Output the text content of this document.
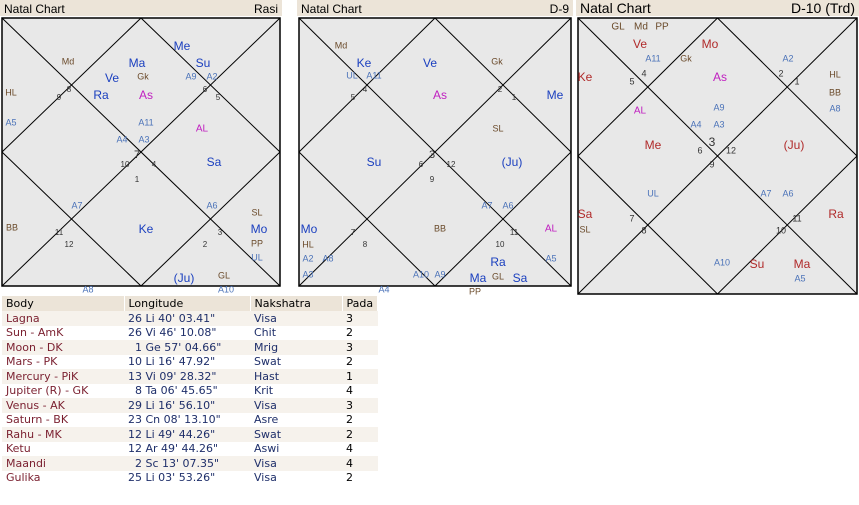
Natal Chart	Rasi
Md
Me
Ma	Su
Ve Gk	A9 A2
Ra	As
HL
A5	A11
AL
A4 A3
Sa
A7	A6
SL
BB	Ke	Mo
PP
UL
GL
(Ju)
A10
A8
8
9
6
5
7
10	4
1
11
12
3
2
Natal Chart	D-9
Md
Ke	Ve	Gk
UL A11
As	Me
SL
Su	(Ju)
A7 A6
BB	AL
Mo
HL
A2 A8	Ra	A5
A3	A10 A9 Ma GL Sa
A4	PP
4
5
2
1
3
6	12
9
7
8
11
10
Natal Chart	D-10 (Trd)
GL Md PP
Ve	Mo
A11 Gk	A2
Ke	As	HL
BB
A8
A9
AL
A4 A3
Me	(Ju)
UL	A7 A6
Sa	Ra
SL
A10 Su Ma
A5
4
5
2
1
3
6	12
9
7
8
11
10
Body	Longitude	Nakshatra	Pada
Lagna	26 Li 40' 03.41"	Visa	3
Sun - AmK	26 Vi 46' 10.08"	Chit	2
Moon - DK	1 Ge 57' 04.66"	Mrig	3
Mars - PK	10 Li 16' 47.92"	Swat	2
Mercury - PiK	13 Vi 09' 28.32"	Hast	1
Jupiter (R) - GK	8 Ta 06' 45.65"	Krit	4
Venus - AK	29 Li 16' 56.10"	Visa	3
Saturn - BK	23 Cn 08' 13.10"	Asre	2
Rahu - MK	12 Li 49' 44.26"	Swat	2
Ketu	12 Ar 49' 44.26"	Aswi	4
Maandi	2 Sc 13' 07.35"	Visa	4
Gulika	25 Li 03' 53.26"	Visa	2
